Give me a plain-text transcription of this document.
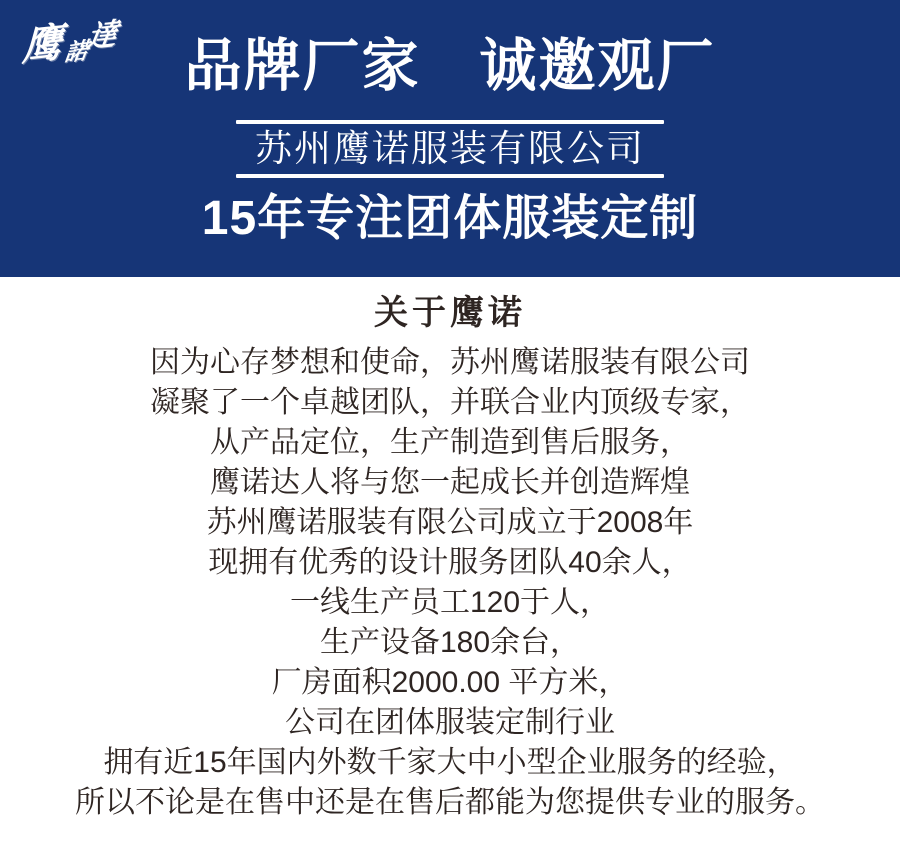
鹰諾達	品牌厂家　诚邀观厂
苏州鹰诺服装有限公司
15年专注团体服装定制
关于鹰诺
因为心存梦想和使命，苏州鹰诺服装有限公司
凝聚了一个卓越团队，并联合业内顶级专家，
从产品定位，生产制造到售后服务，
鹰诺达人将与您一起成长并创造辉煌
苏州鹰诺服装有限公司成立于2008年
现拥有优秀的设计服务团队40余人，
一线生产员工120于人，
生产设备180余台，
厂房面积2000.00 平方米，
公司在团体服装定制行业
拥有近15年国内外数千家大中小型企业服务的经验，
所以不论是在售中还是在售后都能为您提供专业的服务。
